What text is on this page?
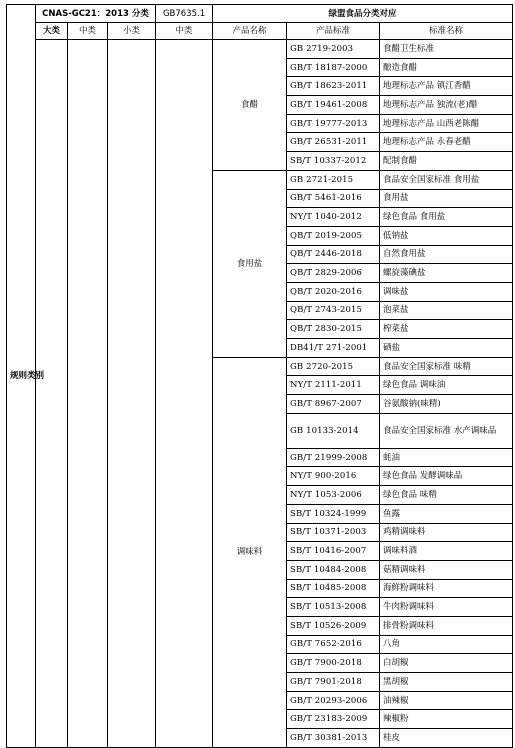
规则类别	CNAS-GC21：2013 分类			GB7635.1	绿盟食品分类对应		
	大类	中类	小类	中类	产品名称	产品标准	标准名称
					食醋	GB 2719-2003	食醋卫生标准
						GB/T 18187-2000	酿造食醋
						GB/T 18623-2011	地理标志产品 镇江香醋
						GB/T 19461-2008	地理标志产品 独流(老)醋
						GB/T 19777-2013	地理标志产品 山西老陈醋
						GB/T 26531-2011	地理标志产品 永春老醋
						SB/T 10337-2012	配制食醋
					食用盐	GB 2721-2015	食品安全国家标准 食用盐
						GB/T 5461-2016	食用盐
						NY/T 1040-2012	绿色食品 食用盐
						QB/T 2019-2005	低钠盐
						QB/T 2446-2018	自然食用盐
						QB/T 2829-2006	螺旋藻碘盐
						QB/T 2020-2016	调味盐
						QB/T 2743-2015	泡菜盐
						QB/T 2830-2015	榨菜盐
						DB41/T 271-2001	硒盐
					调味料	GB 2720-2015	食品安全国家标准 味精
						NY/T 2111-2011	绿色食品 调味油
						GB/T 8967-2007	谷氨酸钠(味精)
						GB 10133-2014	食品安全国家标准 水产调味品
						GB/T 21999-2008	蚝油
						NY/T 900-2016	绿色食品 发酵调味品
						NY/T 1053-2006	绿色食品 味精
						SB/T 10324-1999	鱼露
						SB/T 10371-2003	鸡精调味料
						SB/T 10416-2007	调味料酒
						SB/T 10484-2008	菇精调味料
						SB/T 10485-2008	海鲜粉调味料
						SB/T 10513-2008	牛肉粉调味料
						SB/T 10526-2009	排骨粉调味料
						GB/T 7652-2016	八角
						GB/T 7900-2018	白胡椒
						GB/T 7901-2018	黑胡椒
						GB/T 20293-2006	油辣椒
						GB/T 23183-2009	辣椒粉
						GB/T 30381-2013	桂皮
